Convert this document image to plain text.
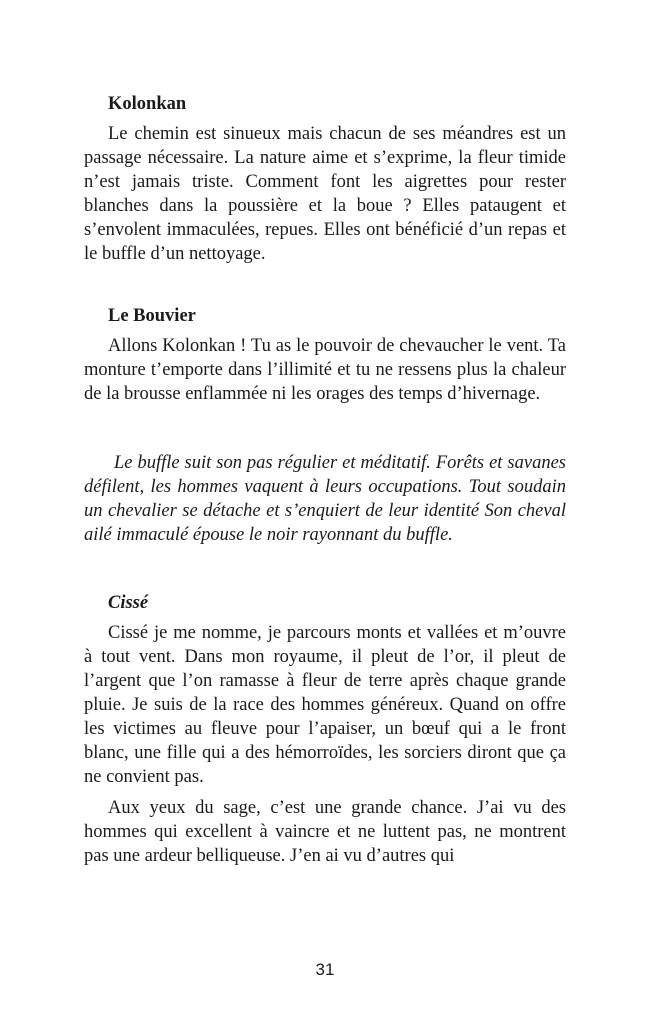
Kolonkan

Le chemin est sinueux mais chacun de ses méandres est un passage nécessaire. La nature aime et s’exprime, la fleur timide n’est jamais triste. Comment font les aigrettes pour rester blanches dans la poussière et la boue ? Elles pataugent et s’envolent immaculées, repues. Elles ont bénéficié d’un repas et le buffle d’un nettoyage.

Le Bouvier

Allons Kolonkan ! Tu as le pouvoir de chevaucher le vent. Ta monture t’emporte dans l’illimité et tu ne ressens plus la chaleur de la brousse enflammée ni les orages des temps d’hivernage.

Le buffle suit son pas régulier et méditatif. Forêts et savanes défilent, les hommes vaquent à leurs occupations. Tout soudain un chevalier se détache et s’enquiert de leur identité Son cheval ailé immaculé épouse le noir rayonnant du buffle.

Cissé

Cissé je me nomme, je parcours monts et vallées et m’ouvre à tout vent. Dans mon royaume, il pleut de l’or, il pleut de l’argent que l’on ramasse à fleur de terre après chaque grande pluie. Je suis de la race des hommes généreux. Quand on offre les victimes au fleuve pour l’apaiser, un bœuf qui a le front blanc, une fille qui a des hémorroïdes, les sorciers diront que ça ne convient pas.

Aux yeux du sage, c’est une grande chance. J’ai vu des hommes qui excellent à vaincre et ne luttent pas, ne montrent pas une ardeur belliqueuse. J’en ai vu d’autres qui

31
